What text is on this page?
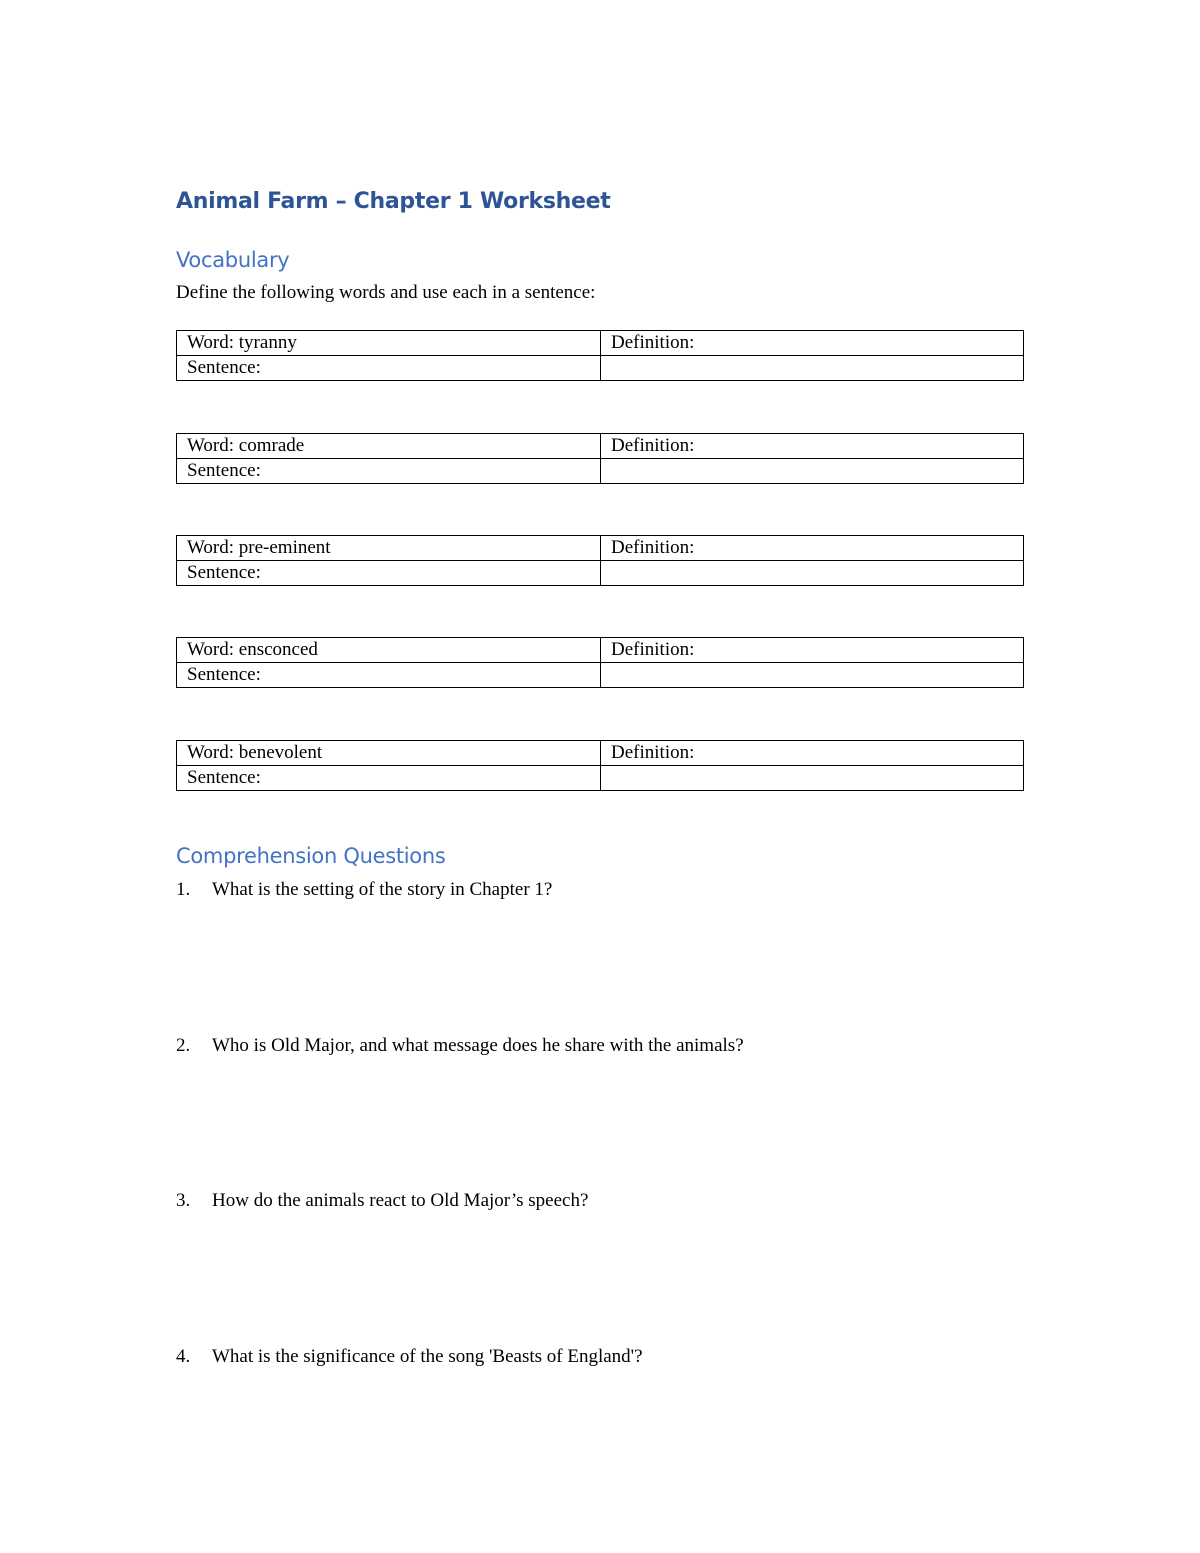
Animal Farm – Chapter 1 Worksheet
Vocabulary

Define the following words and use each in a sentence:

Word: tyranny	Definition:
Sentence:	
Word: comrade	Definition:
Sentence:	
Word: pre-eminent	Definition:
Sentence:	
Word: ensconced	Definition:
Sentence:	
Word: benevolent	Definition:
Sentence:	
Comprehension Questions

1. What is the setting of the story in Chapter 1?

2. Who is Old Major, and what message does he share with the animals?

3. How do the animals react to Old Major’s speech?

4. What is the significance of the song 'Beasts of England'?
